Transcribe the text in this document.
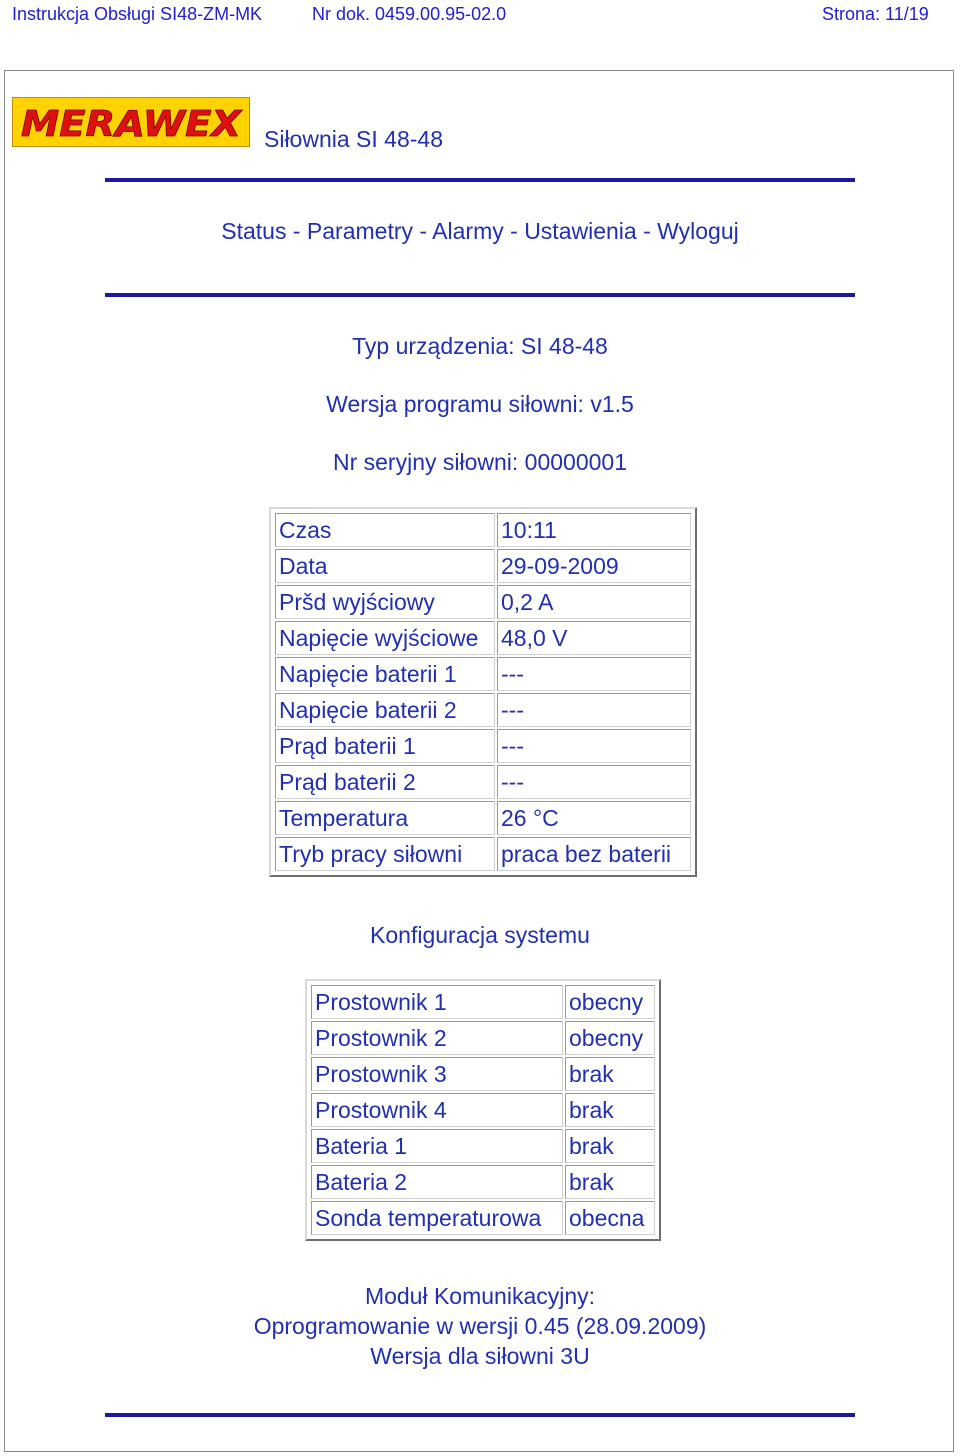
Instrukcja Obsługi SI48-ZM-MK	Nr dok. 0459.00.95-02.0	Strona: 11/19
MERAWEX Siłownia SI 48-48
Status - Parametry - Alarmy - Ustawienia - Wyloguj
Typ urządzenia: SI 48-48
Wersja programu siłowni: v1.5
Nr seryjny siłowni: 00000001
Czas	10:11
Data	29-09-2009
Pršd wyjściowy	0,2 A
Napięcie wyjściowe	48,0 V
Napięcie baterii 1	---
Napięcie baterii 2	---
Prąd baterii 1	---
Prąd baterii 2	---
Temperatura	26 °C
Tryb pracy siłowni	praca bez baterii
Konfiguracja systemu
Prostownik 1	obecny
Prostownik 2	obecny
Prostownik 3	brak
Prostownik 4	brak
Bateria 1	brak
Bateria 2	brak
Sonda temperaturowa	obecna
Moduł Komunikacyjny:
Oprogramowanie w wersji 0.45 (28.09.2009)
Wersja dla siłowni 3U
